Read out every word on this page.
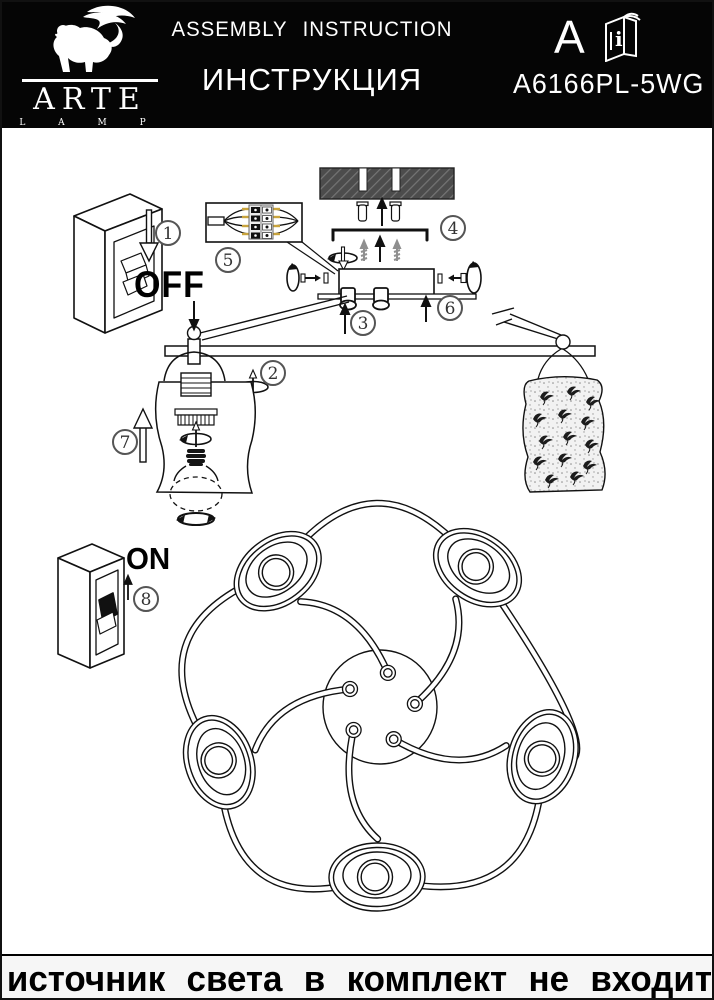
ARTE
L A M P
ASSEMBLY INSTRUCTION
ИНСТРУКЦИЯ
A i
A6166PL-5WG
OFF
ON
1
2
3
4
5
6
7
8
источник света в комплект не входит
